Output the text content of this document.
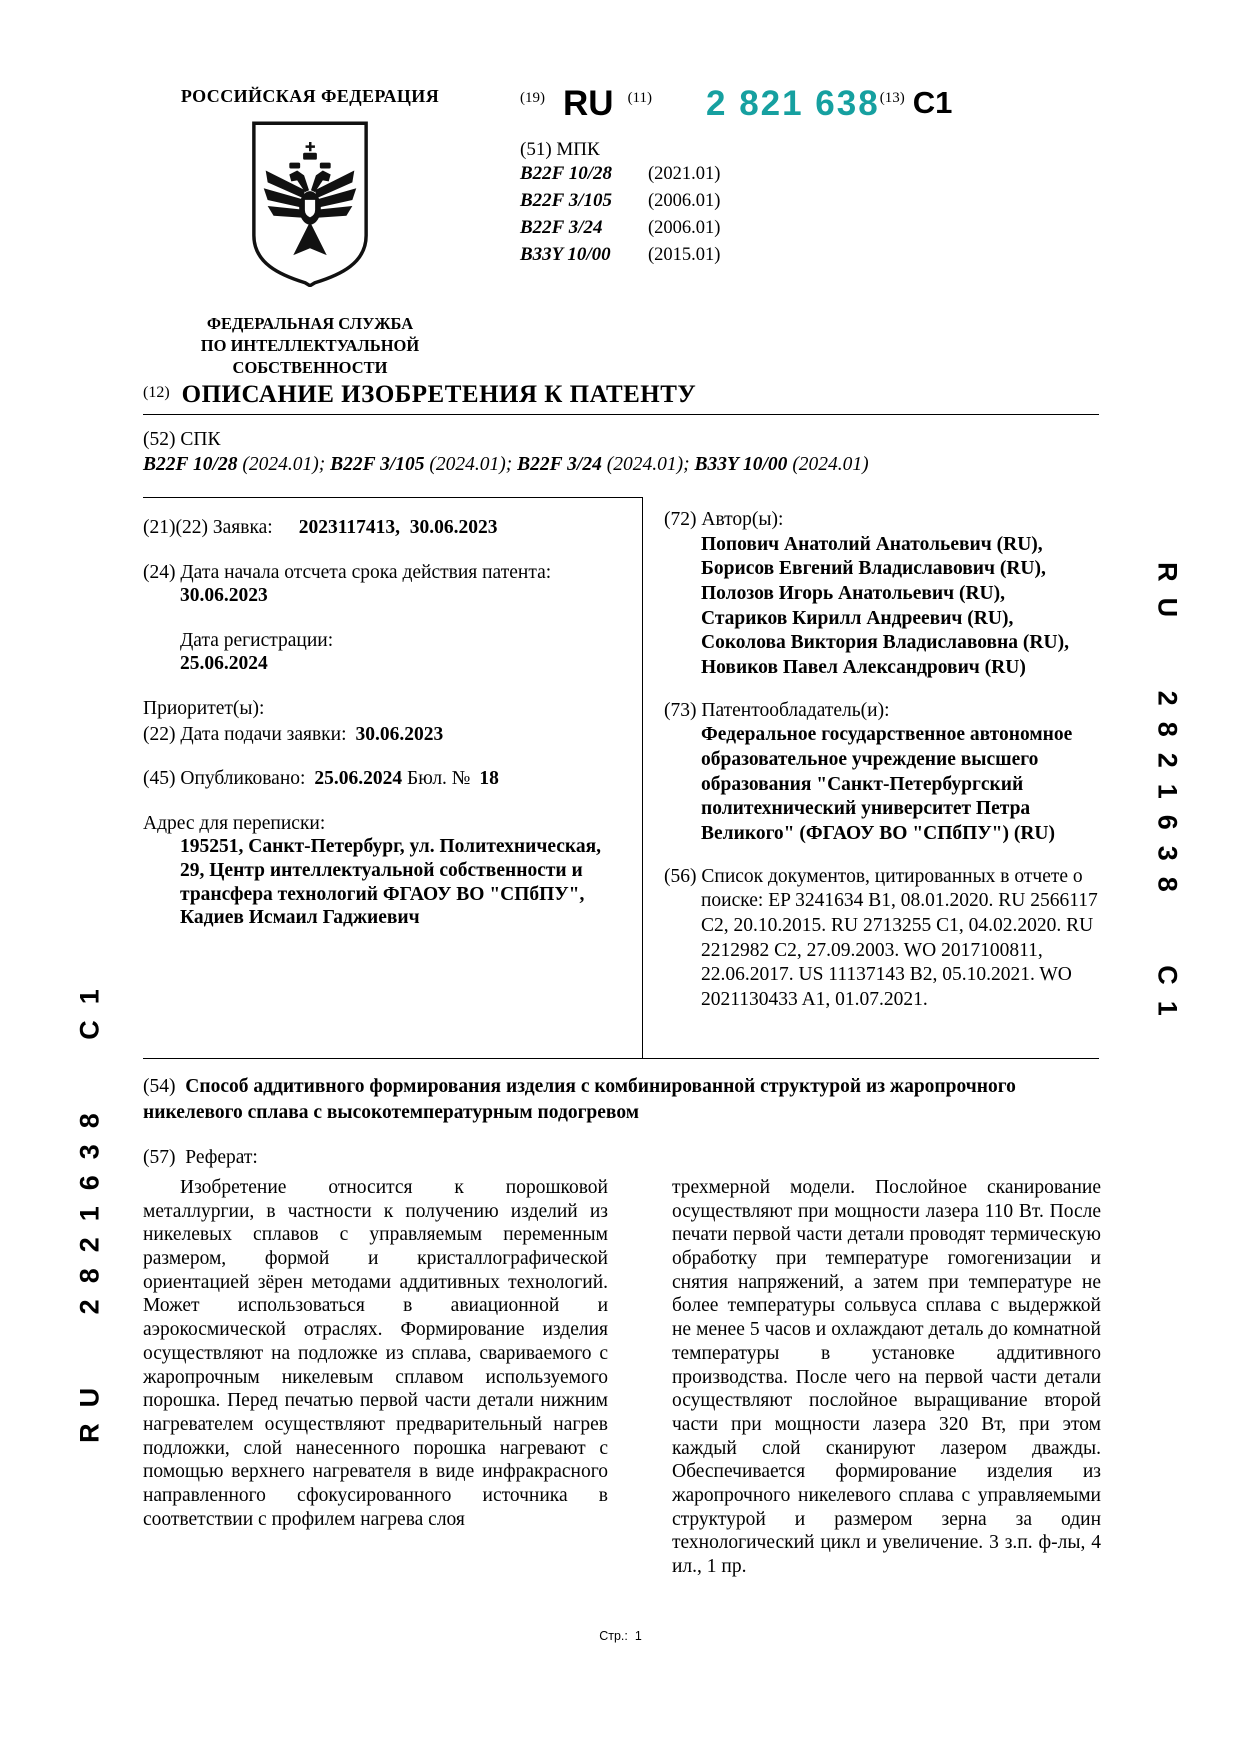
РОССИЙСКАЯ ФЕДЕРАЦИЯ
ФЕДЕРАЛЬНАЯ СЛУЖБА
ПО ИНТЕЛЛЕКТУАЛЬНОЙ СОБСТВЕННОСТИ
(19) RU (11) 2 821 638 (13) C1
(51) МПК
B22F 10/28 (2021.01)
B22F 3/105 (2006.01)
B22F 3/24 (2006.01)
B33Y 10/00 (2015.01)
(12) ОПИСАНИЕ ИЗОБРЕТЕНИЯ К ПАТЕНТУ
(52) СПК
B22F 10/28 (2024.01); B22F 3/105 (2024.01); B22F 3/24 (2024.01); B33Y 10/00 (2024.01)
(21)(22) Заявка: 2023117413,  30.06.2023
(24) Дата начала отсчета срока действия патента:
30.06.2023
Дата регистрации:
25.06.2024
Приоритет(ы):
(22) Дата подачи заявки: 30.06.2023
(45) Опубликовано: 25.06.2024 Бюл. № 18
Адрес для переписки:
195251, Санкт-Петербург, ул. Политехническая,
29, Центр интеллектуальной собственности и
трансфера технологий ФГАОУ ВО "СПбПУ",
Кадиев Исмаил Гаджиевич
(72) Автор(ы):
Попович Анатолий Анатольевич (RU),
Борисов Евгений Владиславович (RU),
Полозов Игорь Анатольевич (RU),
Стариков Кирилл Андреевич (RU),
Соколова Виктория Владиславовна (RU),
Новиков Павел Александрович (RU)
(73) Патентообладатель(и):
Федеральное государственное автономное
образовательное учреждение высшего
образования "Санкт-Петербургский
политехнический университет Петра
Великого" (ФГАОУ ВО "СПбПУ") (RU)
(56) Список документов, цитированных в отчете о поиске: EP 3241634 B1, 08.01.2020. RU 2566117 C2, 20.10.2015. RU 2713255 C1, 04.02.2020. RU 2212982 C2, 27.09.2003. WO 2017100811, 22.06.2017. US 11137143 B2, 05.10.2021. WO 2021130433 A1, 01.07.2021.
(54) Способ аддитивного формирования изделия с комбинированной структурой из жаропрочного никелевого сплава с высокотемпературным подогревом
(57)  Реферат:
Изобретение относится к порошковой металлургии, в частности к получению изделий из никелевых сплавов с управляемым переменным размером, формой и кристаллографической ориентацией зёрен методами аддитивных технологий. Может использоваться в авиационной и аэрокосмической отраслях. Формирование изделия осуществляют на подложке из сплава, свариваемого с жаропрочным никелевым сплавом используемого порошка. Перед печатью первой части детали нижним нагревателем осуществляют предварительный нагрев подложки, слой нанесенного порошка нагревают с помощью верхнего нагревателя в виде инфракрасного направленного сфокусированного источника в соответствии с профилем нагрева слоя
трехмерной модели. Послойное сканирование осуществляют при мощности лазера 110 Вт. После печати первой части детали проводят термическую обработку при температуре гомогенизации и снятия напряжений, а затем при температуре не более температуры сольвуса сплава с выдержкой не менее 5 часов и охлаждают деталь до комнатной температуры в установке аддитивного производства. После чего на первой части детали осуществляют послойное выращивание второй части при мощности лазера 320 Вт, при этом каждый слой сканируют лазером дважды. Обеспечивается формирование изделия из жаропрочного никелевого сплава с управляемыми структурой и размером зерна за один технологический цикл и увеличение. 3 з.п. ф-лы, 4 ил., 1 пр.
RU 2821638 C1
RU 2821638 C1
Стр.:  1
